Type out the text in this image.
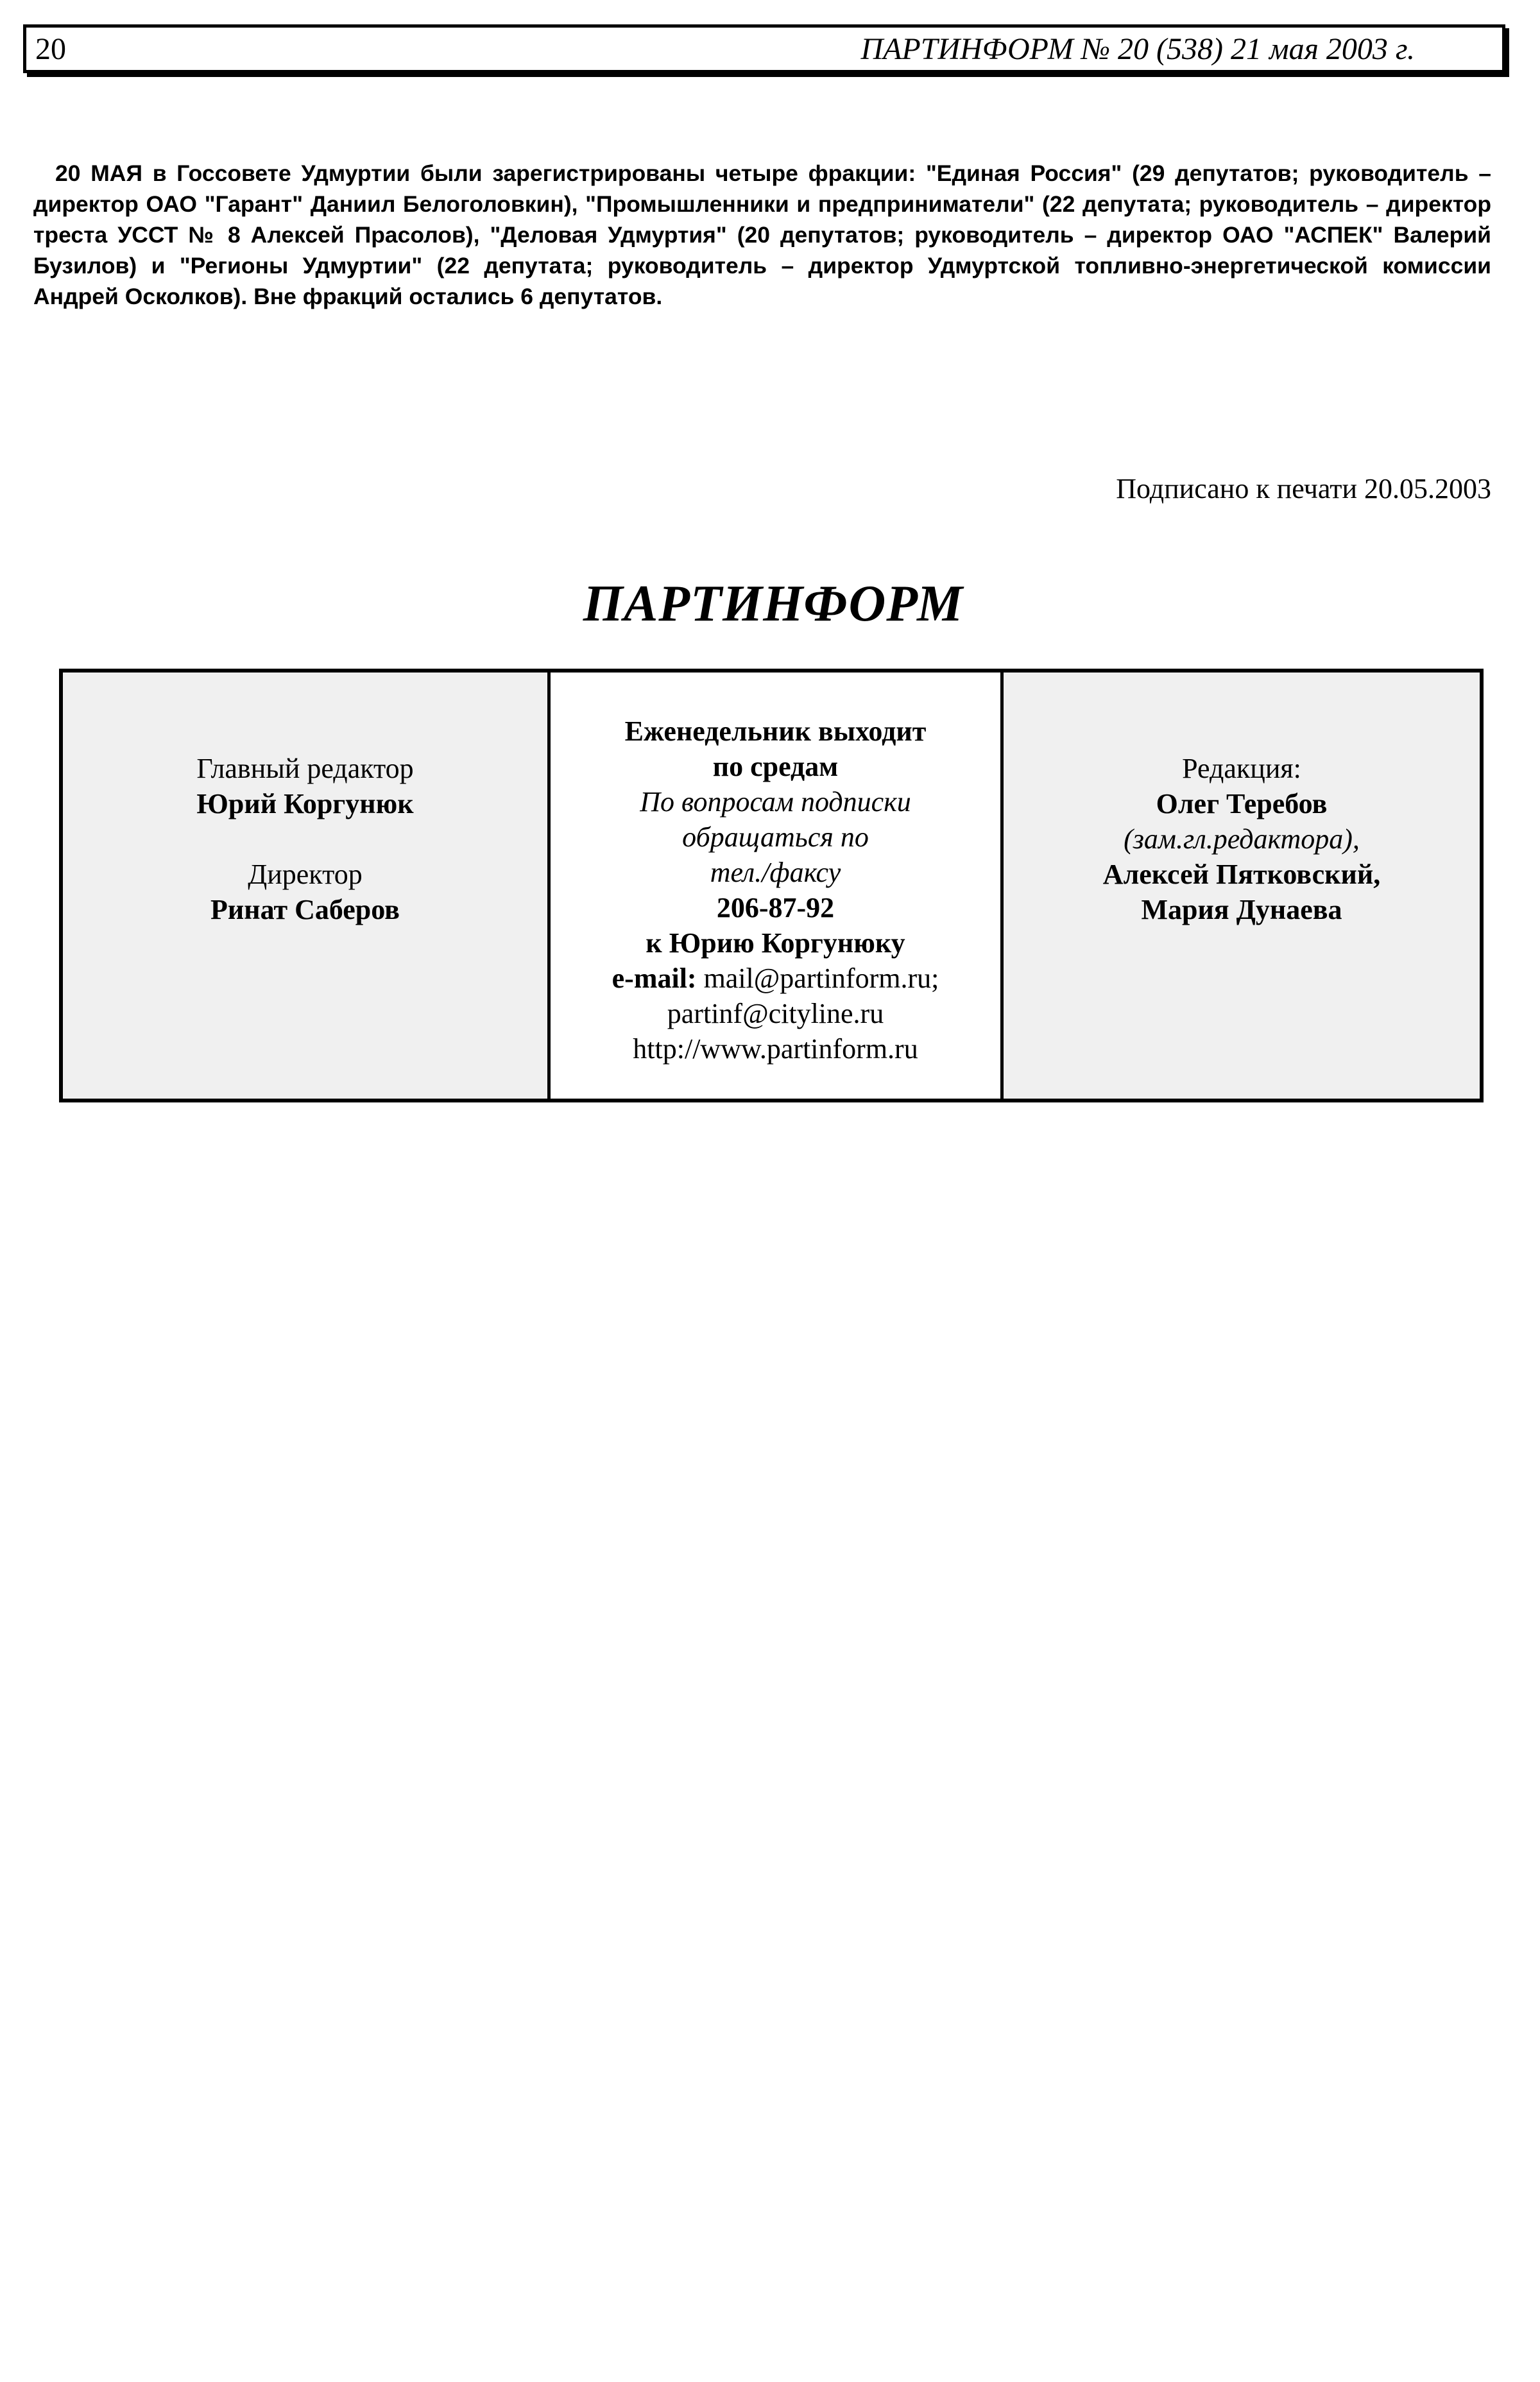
20	ПАРТИНФОРМ № 20 (538) 21 мая 2003 г.
20 МАЯ в Госсовете Удмуртии были зарегистрированы четыре фракции: "Единая Россия" (29 депутатов; руководитель – директор ОАО "Гарант" Даниил Белоголовкин), "Промышленники и предприниматели" (22 депутата; руководитель – директор треста УССТ № 8 Алексей Прасолов), "Деловая Удмуртия" (20 депутатов; руководитель – директор ОАО "АСПЕК" Валерий Бузилов) и "Регионы Удмуртии" (22 депутата; руководитель – директор Удмуртской топливно-энергетической комиссии Андрей Осколков). Вне фракций остались 6 депутатов.
Подписано к печати 20.05.2003
ПАРТИНФОРМ
Главный редактор
Юрий Коргунюк
Директор
Ринат Саберов
Еженедельник выходит
по средам
По вопросам подписки
обращаться по
тел./факсу
206-87-92
к Юрию Коргунюку
e-mail: mail@partinform.ru;
partinf@cityline.ru
http://www.partinform.ru
Редакция:
Олег Теребов
(зам.гл.редактора),
Алексей Пятковский,
Мария Дунаева
